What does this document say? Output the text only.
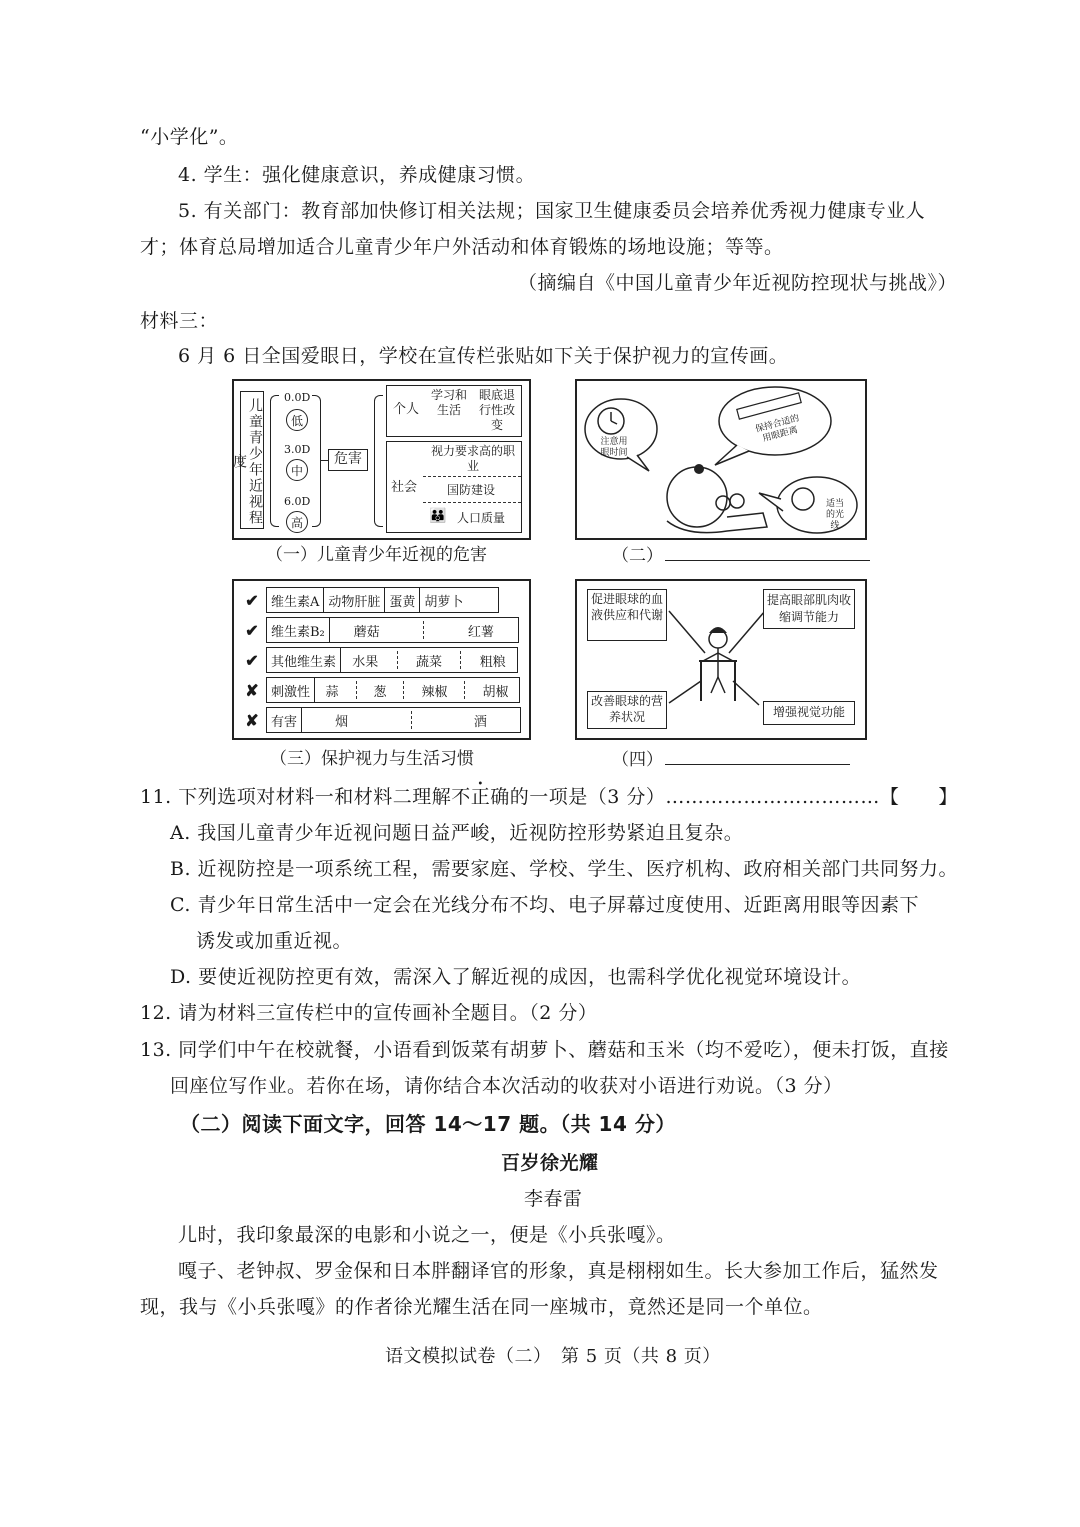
“小学化”。
4. 学生：强化健康意识，养成健康习惯。
5. 有关部门：教育部加快修订相关法规；国家卫生健康委员会培养优秀视力健康专业人
才；体育总局增加适合儿童青少年户外活动和体育锻炼的场地设施；等等。
（摘编自《中国儿童青少年近视防控现状与挑战》）
材料三：
6 月 6 日全国爱眼日，学校在宣传栏张贴如下关于保护视力的宣传画。
儿童青少年近视程度
0.0D
低
3.0D
中
6.0D
高
危害
个人
学习和生活
眼底退行性改变
社会
视力要求高的职业
国防建设
👪 人口质量
（一）儿童青少年近视的危害
注意用眼时间
保持合适的用眼距离
适当的光线
（二）
✔	维生素A	动物肝脏	蛋黄	胡萝卜
✔	维生素B₂	蘑菇	红薯
✔	其他维生素	水果	蔬菜	粗粮
✘	刺激性	蒜	葱	辣椒	胡椒
✘	有害	烟	酒
（三）保护视力与生活习惯
促进眼球的血液供应和代谢
提高眼部肌肉收缩调节能力
改善眼球的营养状况	增强视觉功能
（四）
11. 下列选项对材料一和材料二理解不正确的一项是（3 分）……………………………【　　】
A. 我国儿童青少年近视问题日益严峻，近视防控形势紧迫且复杂。
B. 近视防控是一项系统工程，需要家庭、学校、学生、医疗机构、政府相关部门共同努力。
C. 青少年日常生活中一定会在光线分布不均、电子屏幕过度使用、近距离用眼等因素下
诱发或加重近视。
D. 要使近视防控更有效，需深入了解近视的成因，也需科学优化视觉环境设计。
12. 请为材料三宣传栏中的宣传画补全题目。（2 分）
13. 同学们中午在校就餐，小语看到饭菜有胡萝卜、蘑菇和玉米（均不爱吃），便未打饭，直接
回座位写作业。若你在场，请你结合本次活动的收获对小语进行劝说。（3 分）
（二）阅读下面文字，回答 14～17 题。（共 14 分）
百岁徐光耀
李春雷
儿时，我印象最深的电影和小说之一，便是《小兵张嘎》。
嘎子、老钟叔、罗金保和日本胖翻译官的形象，真是栩栩如生。长大参加工作后，猛然发
现，我与《小兵张嘎》的作者徐光耀生活在同一座城市，竟然还是同一个单位。
语文模拟试卷（二）　第 5 页（共 8 页）
